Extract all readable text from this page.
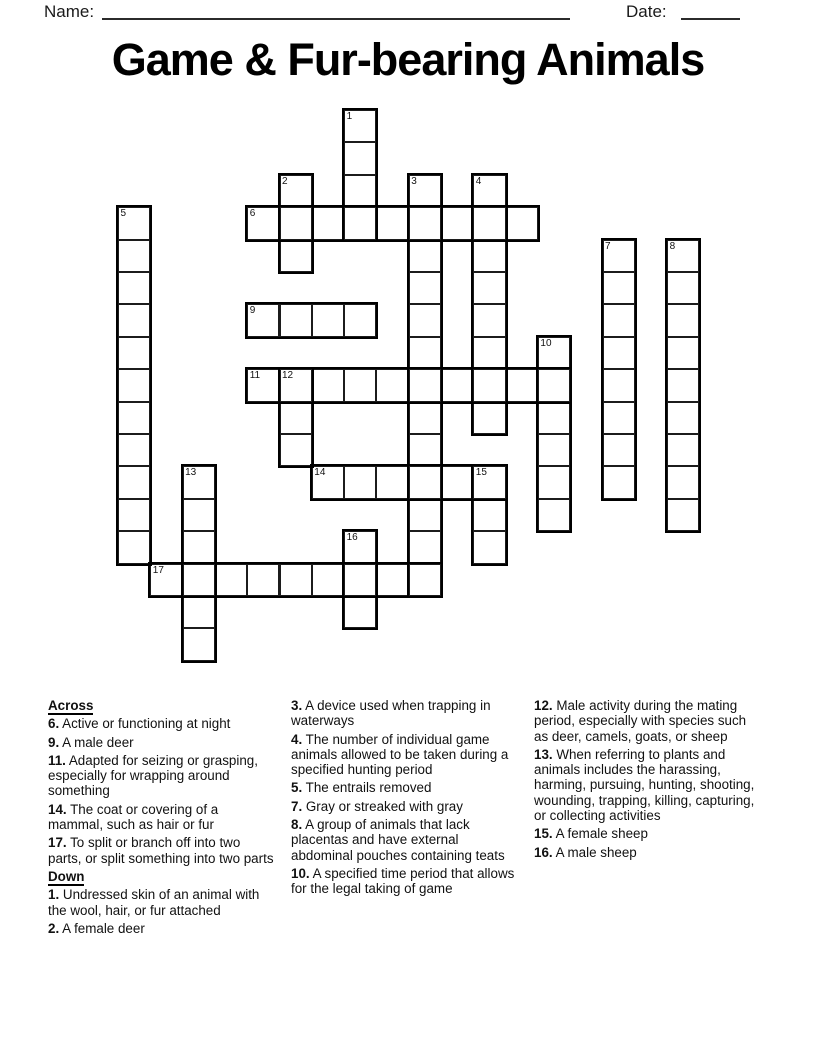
Name:	Date:
Game & Fur-bearing Animals
1
2	3	4
5	6
7	8
9
10
11 12
13	14	15
16
17
Across
6. Active or functioning at night
9. A male deer
11. Adapted for seizing or grasping, especially for wrapping around something
14. The coat or covering of a mammal, such as hair or fur
17. To split or branch off into two parts, or split something into two parts
Down
1. Undressed skin of an animal with the wool, hair, or fur attached
2. A female deer
3. A device used when trapping in waterways
4. The number of individual game animals allowed to be taken during a specified hunting period
5. The entrails removed
7. Gray or streaked with gray
8. A group of animals that lack placentas and have external abdominal pouches containing teats
10. A specified time period that allows for the legal taking of game
12. Male activity during the mating period, especially with species such as deer, camels, goats, or sheep
13. When referring to plants and animals includes the harassing, harming, pursuing, hunting, shooting, wounding, trapping, killing, capturing, or collecting activities
15. A female sheep
16. A male sheep
